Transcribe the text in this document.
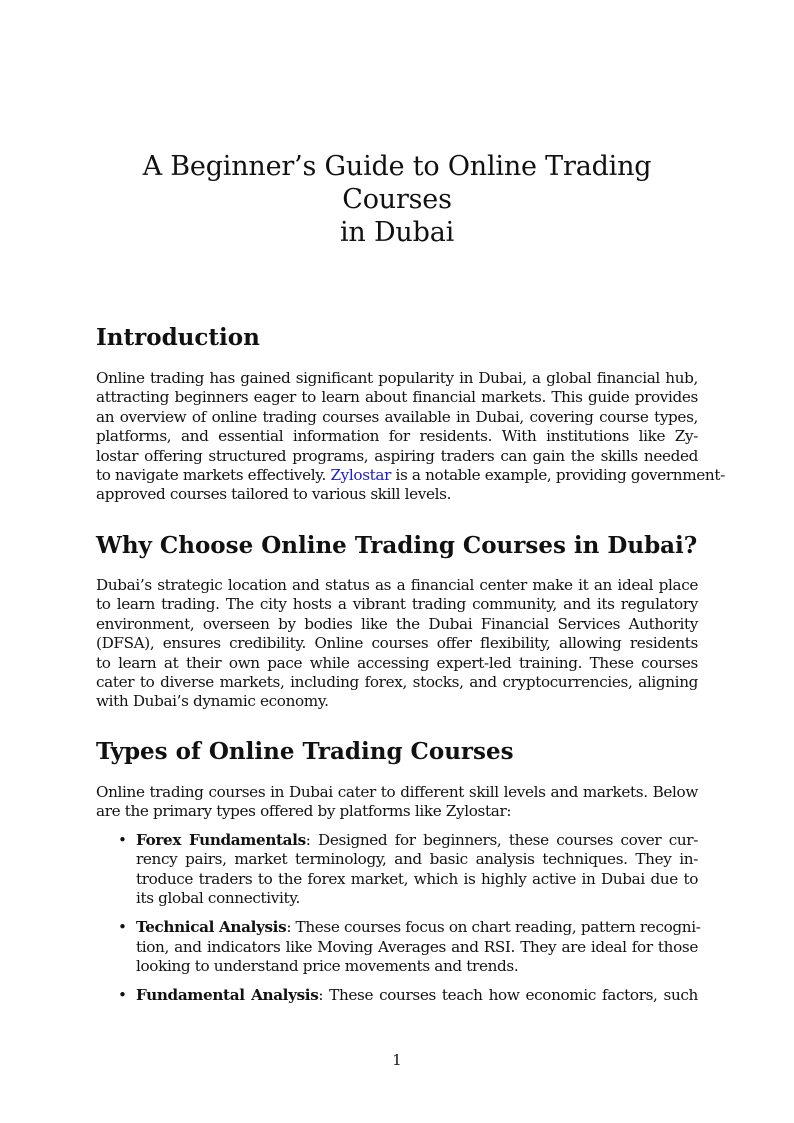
A Beginner’s Guide to Online Trading Courses
in Dubai
Introduction
Online trading has gained significant popularity in Dubai, a global financial hub,
attracting beginners eager to learn about financial markets. This guide provides
an overview of online trading courses available in Dubai, covering course types,
platforms, and essential information for residents. With institutions like Zy-
lostar offering structured programs, aspiring traders can gain the skills needed
to navigate markets effectively. Zylostar is a notable example, providing government-
approved courses tailored to various skill levels.
Why Choose Online Trading Courses in Dubai?
Dubai’s strategic location and status as a financial center make it an ideal place
to learn trading. The city hosts a vibrant trading community, and its regulatory
environment, overseen by bodies like the Dubai Financial Services Authority
(DFSA), ensures credibility. Online courses offer flexibility, allowing residents
to learn at their own pace while accessing expert-led training. These courses
cater to diverse markets, including forex, stocks, and cryptocurrencies, aligning
with Dubai’s dynamic economy.
Types of Online Trading Courses
Online trading courses in Dubai cater to different skill levels and markets. Below
are the primary types offered by platforms like Zylostar:
• Forex Fundamentals: Designed for beginners, these courses cover cur-
rency pairs, market terminology, and basic analysis techniques. They in-
troduce traders to the forex market, which is highly active in Dubai due to
its global connectivity.
• Technical Analysis: These courses focus on chart reading, pattern recogni-
tion, and indicators like Moving Averages and RSI. They are ideal for those
looking to understand price movements and trends.
• Fundamental Analysis: These courses teach how economic factors, such
1
